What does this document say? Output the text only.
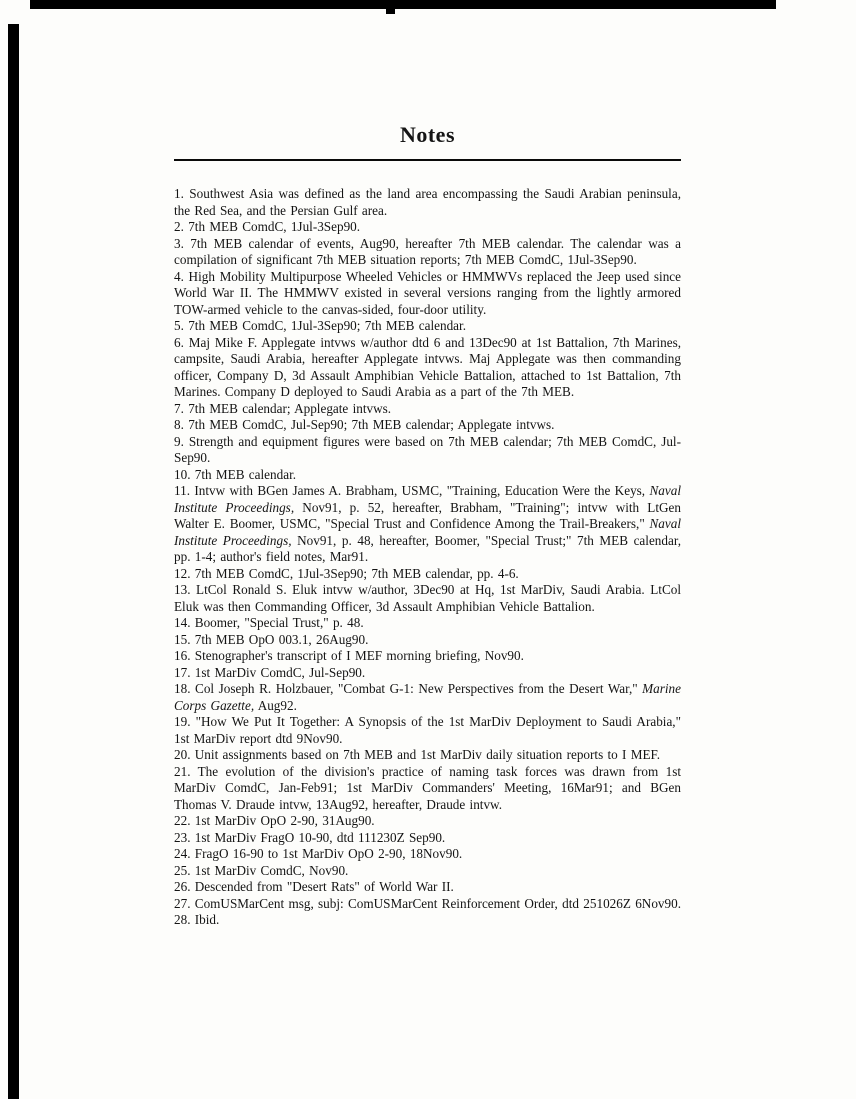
Notes

1. Southwest Asia was defined as the land area encompassing the Saudi Arabian peninsula, the Red Sea, and the Persian Gulf area.

2. 7th MEB ComdC, 1Jul-3Sep90.

3. 7th MEB calendar of events, Aug90, hereafter 7th MEB calendar. The calendar was a compilation of significant 7th MEB situation reports; 7th MEB ComdC, 1Jul-3Sep90.

4. High Mobility Multipurpose Wheeled Vehicles or HMMWVs replaced the Jeep used since World War II. The HMMWV existed in several versions ranging from the lightly armored TOW-armed vehicle to the canvas-sided, four-door utility.

5. 7th MEB ComdC, 1Jul-3Sep90; 7th MEB calendar.

6. Maj Mike F. Applegate intvws w/author dtd 6 and 13Dec90 at 1st Battalion, 7th Marines, campsite, Saudi Arabia, hereafter Applegate intvws. Maj Applegate was then commanding officer, Company D, 3d Assault Amphibian Vehicle Battalion, attached to 1st Battalion, 7th Marines. Company D deployed to Saudi Arabia as a part of the 7th MEB.

7. 7th MEB calendar; Applegate intvws.

8. 7th MEB ComdC, Jul-Sep90; 7th MEB calendar; Applegate intvws.

9. Strength and equipment figures were based on 7th MEB calendar; 7th MEB ComdC, Jul-Sep90.

10. 7th MEB calendar.

11. Intvw with BGen James A. Brabham, USMC, "Training, Education Were the Keys, Naval Institute Proceedings, Nov91, p. 52, hereafter, Brabham, "Training"; intvw with LtGen Walter E. Boomer, USMC, "Special Trust and Confidence Among the Trail-Breakers," Naval Institute Proceedings, Nov91, p. 48, hereafter, Boomer, "Special Trust;" 7th MEB calendar, pp. 1-4; author's field notes, Mar91.

12. 7th MEB ComdC, 1Jul-3Sep90; 7th MEB calendar, pp. 4-6.

13. LtCol Ronald S. Eluk intvw w/author, 3Dec90 at Hq, 1st MarDiv, Saudi Arabia. LtCol Eluk was then Commanding Officer, 3d Assault Amphibian Vehicle Battalion.

14. Boomer, "Special Trust," p. 48.

15. 7th MEB OpO 003.1, 26Aug90.

16. Stenographer's transcript of I MEF morning briefing, Nov90.

17. 1st MarDiv ComdC, Jul-Sep90.

18. Col Joseph R. Holzbauer, "Combat G-1: New Perspectives from the Desert War," Marine Corps Gazette, Aug92.

19. "How We Put It Together: A Synopsis of the 1st MarDiv Deployment to Saudi Arabia," 1st MarDiv report dtd 9Nov90.

20. Unit assignments based on 7th MEB and 1st MarDiv daily situation reports to I MEF.

21. The evolution of the division's practice of naming task forces was drawn from 1st MarDiv ComdC, Jan-Feb91; 1st MarDiv Commanders' Meeting, 16Mar91; and BGen Thomas V. Draude intvw, 13Aug92, hereafter, Draude intvw.

22. 1st MarDiv OpO 2-90, 31Aug90.

23. 1st MarDiv FragO 10-90, dtd 111230Z Sep90.

24. FragO 16-90 to 1st MarDiv OpO 2-90, 18Nov90.

25. 1st MarDiv ComdC, Nov90.

26. Descended from "Desert Rats" of World War II.

27. ComUSMarCent msg, subj: ComUSMarCent Reinforcement Order, dtd 251026Z 6Nov90.

28. Ibid.
